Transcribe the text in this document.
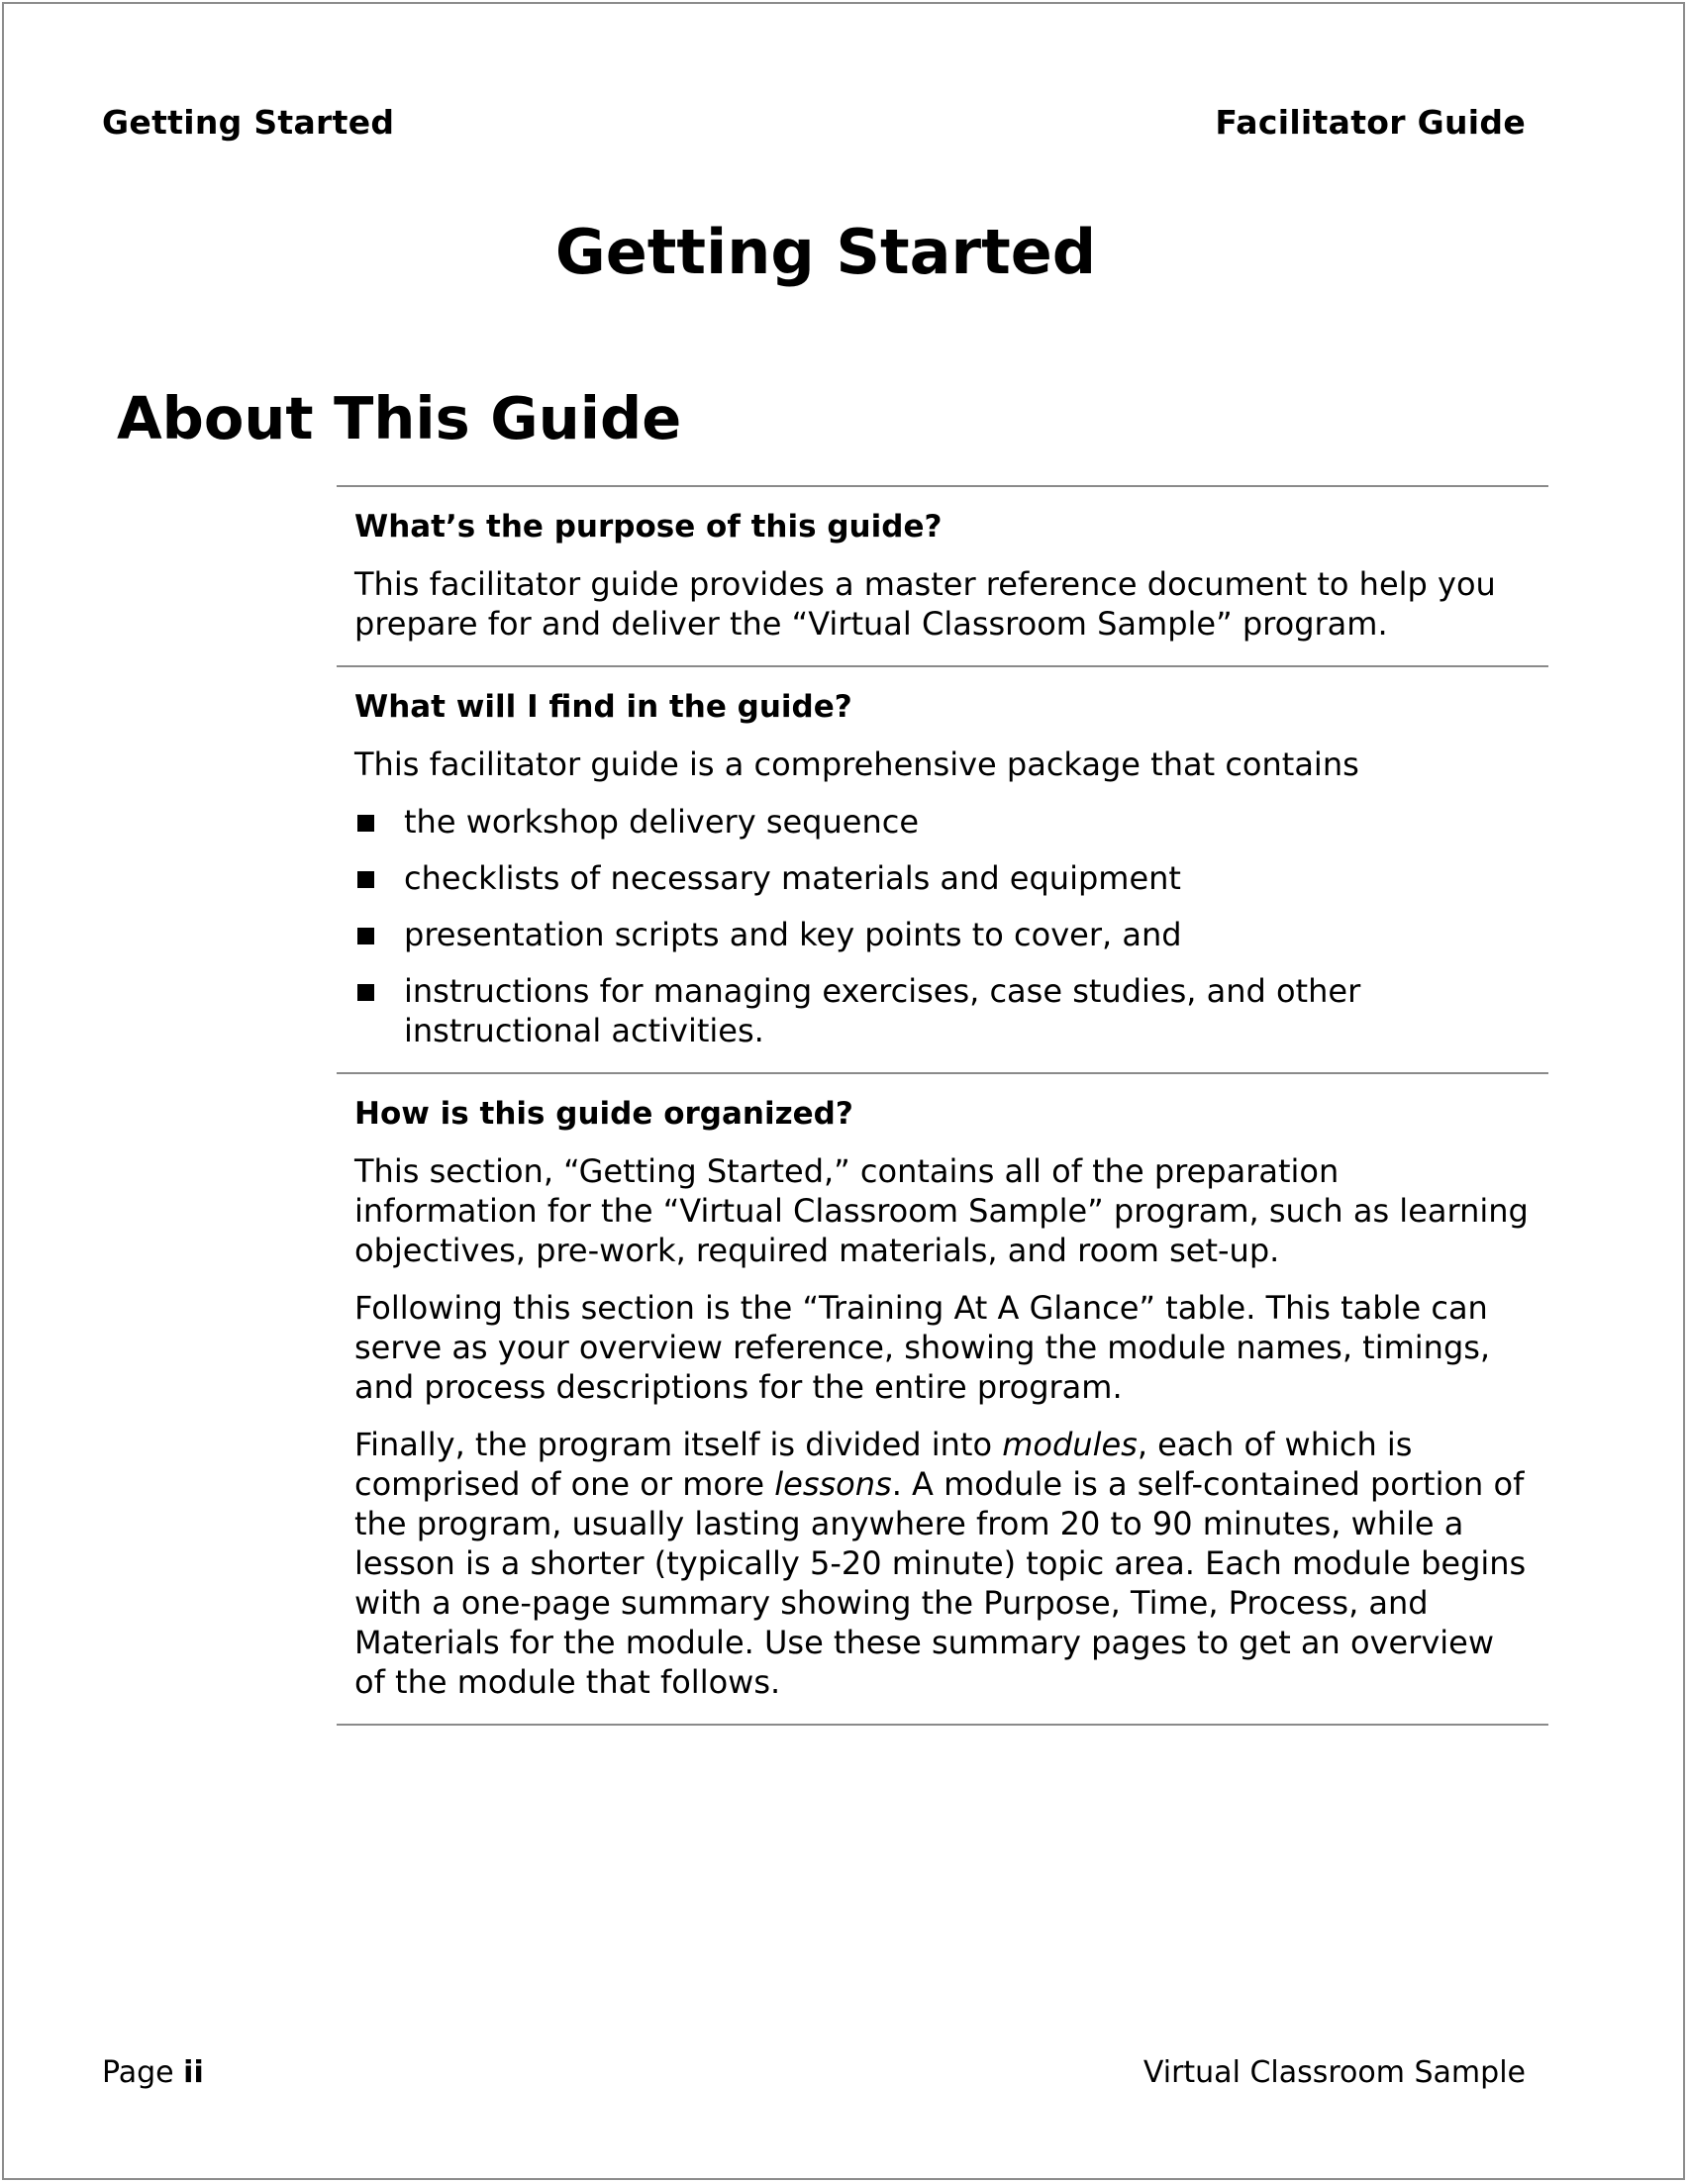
Getting Started	Facilitator Guide
Getting Started
About This Guide

What’s the purpose of this guide?

This facilitator guide provides a master reference document to help you prepare for and deliver the “Virtual Classroom Sample” program.

What will I find in the guide?

This facilitator guide is a comprehensive package that contains

the workshop delivery sequence
checklists of necessary materials and equipment
presentation scripts and key points to cover, and
instructions for managing exercises, case studies, and other instructional activities.

How is this guide organized?

This section, “Getting Started,” contains all of the preparation information for the “Virtual Classroom Sample” program, such as learning objectives, pre-work, required materials, and room set-up.

Following this section is the “Training At A Glance” table. This table can serve as your overview reference, showing the module names, timings, and process descriptions for the entire program.

Finally, the program itself is divided into modules, each of which is comprised of one or more lessons. A module is a self-contained portion of the program, usually lasting anywhere from 20 to 90 minutes, while a lesson is a shorter (typically 5-20 minute) topic area. Each module begins with a one-page summary showing the Purpose, Time, Process, and Materials for the module. Use these summary pages to get an overview of the module that follows.

Page ii	Virtual Classroom Sample
